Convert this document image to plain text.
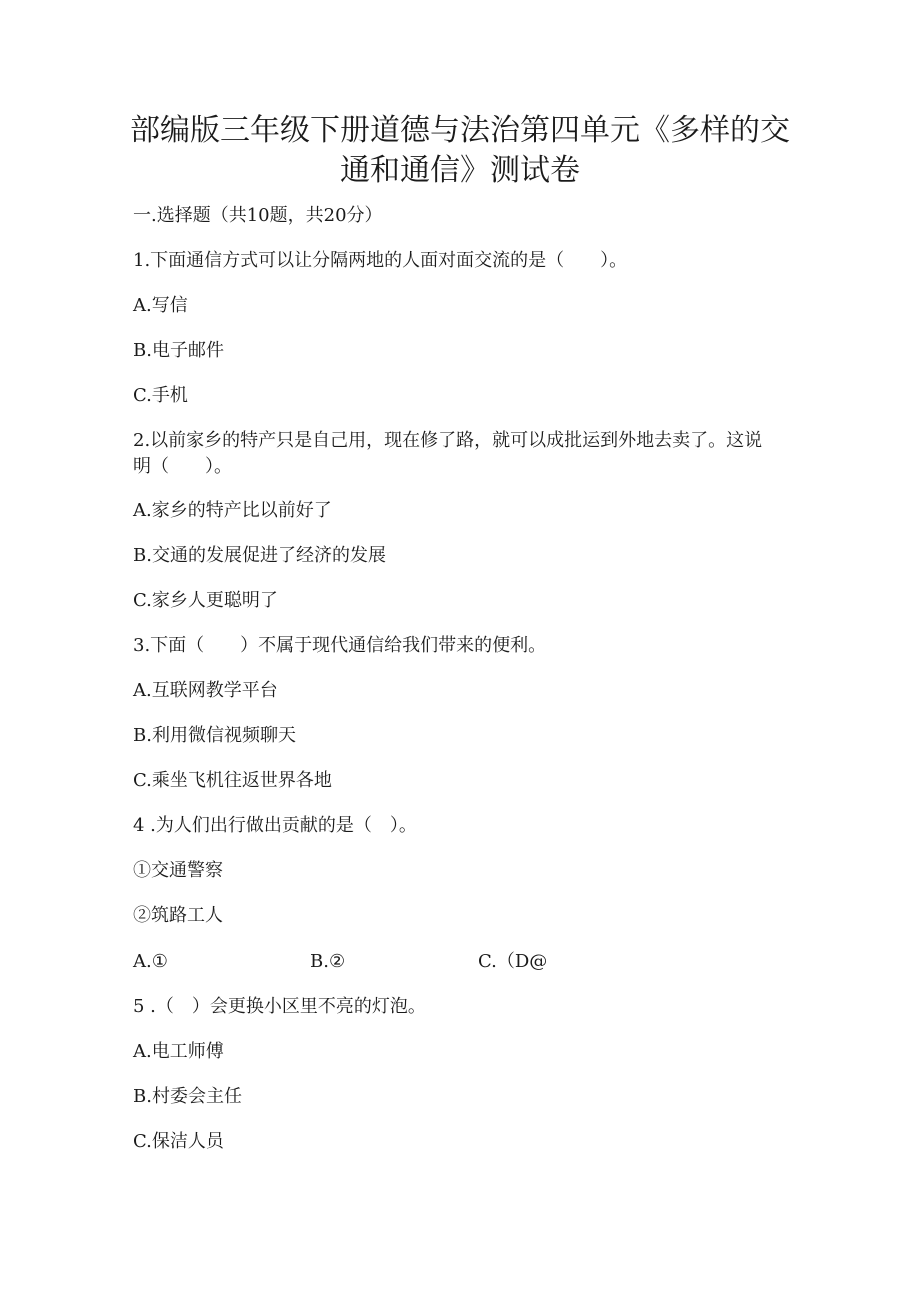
部编版三年级下册道德与法治第四单元《多样的交通和通信》测试卷
一.选择题（共10题，共20分）
1.下面通信方式可以让分隔两地的人面对面交流的是（　　）。
A.写信
B.电子邮件
C.手机
2.以前家乡的特产只是自己用，现在修了路，就可以成批运到外地去卖了。这说明（　　）。
A.家乡的特产比以前好了
B.交通的发展促进了经济的发展
C.家乡人更聪明了
3.下面（　　）不属于现代通信给我们带来的便利。
A.互联网教学平台
B.利用微信视频聊天
C.乘坐飞机往返世界各地
4 .为人们出行做出贡献的是（　）。
①交通警察
②筑路工人
A.①	B.②	C.（D@
5 .（　）会更换小区里不亮的灯泡。
A.电工师傅
B.村委会主任
C.保洁人员
